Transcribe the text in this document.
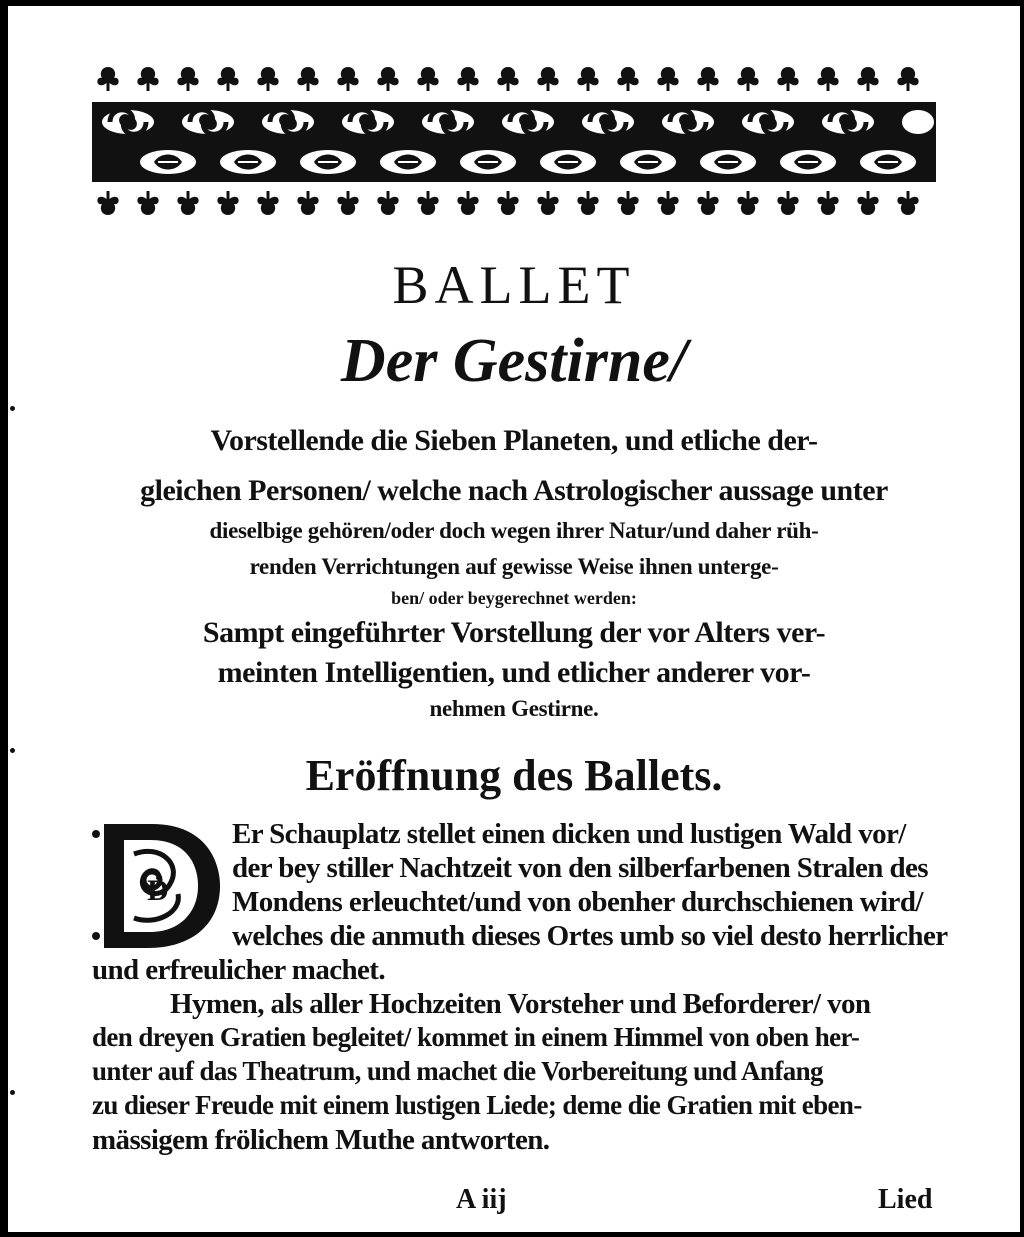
BALLET

Der Gestirne/

Vorstellende die Sieben Planeten, und etliche der-

gleichen Personen/ welche nach Astrologischer aussage unter

dieselbige gehören/oder doch wegen ihrer Natur/und daher rüh-

renden Verrichtungen auf gewisse Weise ihnen unterge-

ben/ oder beygerechnet werden:

Sampt eingeführter Vorstellung der vor Alters ver-

meinten Intelligentien, und etlicher anderer vor-

nehmen Gestirne.

Eröffnung des Ballets.

D

Er Schauplatz stellet einen dicken und lustigen Wald vor/

der bey stiller Nachtzeit von den silberfarbenen Stralen des

Mondens erleuchtet/und von obenher durchschienen wird/

welches die anmuth dieses Ortes umb so viel desto herrlicher

und erfreulicher machet.

Hymen, als aller Hochzeiten Vorsteher und Beforderer/ von

den dreyen Gratien begleitet/ kommet in einem Himmel von oben her-

unter auf das Theatrum, und machet die Vorbereitung und Anfang

zu dieser Freude mit einem lustigen Liede; deme die Gratien mit eben-

mässigem frölichem Muthe antworten.

A iij	Lied
